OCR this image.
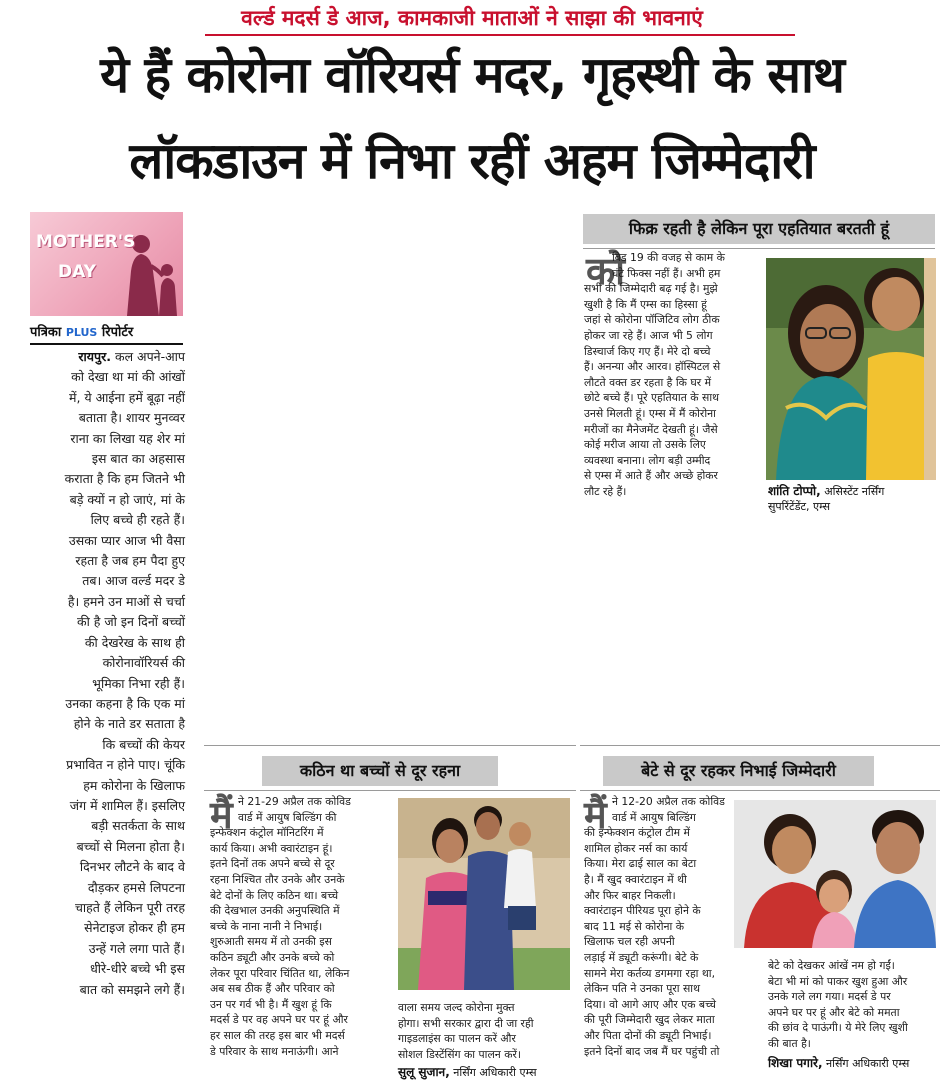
वर्ल्ड मदर्स डे आज, कामकाजी माताओं ने साझा की भावनाएं
ये हैं कोरोना वॉरियर्स मदर, गृहस्थी के साथ
लॉकडाउन में निभा रहीं अहम जिम्मेदारी
MOTHER'S
DAY
पत्रिका PLUS रिपोर्टर
रायपुर. कल अपने-आप
को देखा था मां की आंखों
में, ये आईना हमें बूढ़ा नहीं
बताता है। शायर मुनव्वर
राना का लिखा यह शेर मां
इस बात का अहसास
कराता है कि हम जितने भी
बड़े क्यों न हो जाएं, मां के
लिए बच्चे ही रहते हैं।
उसका प्यार आज भी वैसा
रहता है जब हम पैदा हुए
तब। आज वर्ल्ड मदर डे
है। हमने उन माओं से चर्चा
की है जो इन दिनों बच्चों
की देखरेख के साथ ही
कोरोनावॉरियर्स की
भूमिका निभा रही हैं।
उनका कहना है कि एक मां
होने के नाते डर सताता है
कि बच्चों की केयर
प्रभावित न होने पाए। चूंकि
हम कोरोना के खिलाफ
जंग में शामिल हैं। इसलिए
बड़ी सतर्कता के साथ
बच्चों से मिलना होता है।
दिनभर लौटने के बाद वे
दौड़कर हमसे लिपटना
चाहते हैं लेकिन पूरी तरह
सेनेटाइज होकर ही हम
उन्हें गले लगा पाते हैं।
धीरे-धीरे बच्चे भी इस
बात को समझने लगे हैं।
फिक्र रहती है लेकिन पूरा एहतियात बरतती हूं
को
विड 19 की वजह से काम के
घंटे फिक्स नहीं हैं। अभी हम
सभी की जिम्मेदारी बढ़ गई है। मुझे
खुशी है कि मैं एम्स का हिस्सा हूं
जहां से कोरोना पॉजिटिव लोग ठीक
होकर जा रहे हैं। आज भी 5 लोग
डिस्चार्ज किए गए हैं। मेरे दो बच्चे
हैं। अनन्या और आरव। हॉस्पिटल से
लौटते वक्त डर रहता है कि घर में
छोटे बच्चे हैं। पूरे एहतियात के साथ
उनसे मिलती हूं। एम्स में मैं कोरोना
मरीजों का मैनेजमेंट देखती हूं। जैसे
कोई मरीज आया तो उसके लिए
व्यवस्था बनाना। लोग बड़ी उम्मीद
से एम्स में आते हैं और अच्छे होकर
लौट रहे हैं।	शांति टोप्पो, असिस्टेंट नर्सिंग
सुपरिंटेंडेंट, एम्स
कठिन था बच्चों से दूर रहना
मैं ने 21-29 अप्रैल तक कोविड
वार्ड में आयुष बिल्डिंग की
इन्फेक्शन कंट्रोल मॉनिटरिंग में
कार्य किया। अभी क्वारंटाइन हूं।
इतने दिनों तक अपने बच्चे से दूर
रहना निश्चित तौर उनके और उनके
बेटे दोनों के लिए कठिन था। बच्चे
की देखभाल उनकी अनुपस्थिति में
बच्चे के नाना नानी ने निभाई।
शुरुआती समय में तो उनकी इस
कठिन ड्यूटी और उनके बच्चे को
लेकर पूरा परिवार चिंतित था, लेकिन
अब सब ठीक हैं और परिवार को
उन पर गर्व भी है। मैं खुश हूं कि
मदर्स डे पर वह अपने घर पर हूं और
हर साल की तरह इस बार भी मदर्स
डे परिवार के साथ मनाऊंगी। आने
वाला समय जल्द कोरोना मुक्त
होगा। सभी सरकार द्वारा दी जा रही
गाइडलाइंस का पालन करें और
सोशल डिस्टेंसिंग का पालन करें।
सुलू सुजान, नर्सिंग अधिकारी एम्स
बेटे से दूर रहकर निभाई जिम्मेदारी
मैं ने 12-20 अप्रैल तक कोविड
वार्ड में आयुष बिल्डिंग
की इन्फेक्शन कंट्रोल टीम में
शामिल होकर नर्स का कार्य
किया। मेरा ढाई साल का बेटा
है। मैं खुद क्वारंटाइन में थी
और फिर बाहर निकली।
क्वारंटाइन पीरियड पूरा होने के
बाद 11 मई से कोरोना के
खिलाफ चल रही अपनी
लड़ाई में ड्यूटी करूंगी। बेटे के
सामने मेरा कर्तव्य डगमगा रहा था,
लेकिन पति ने उनका पूरा साथ
दिया। वो आगे आए और एक बच्चे
की पूरी जिम्मेदारी खुद लेकर माता
और पिता दोनों की ड्यूटी निभाई।
इतने दिनों बाद जब मैं घर पहुंची तो
बेटे को देखकर आंखें नम हो गईं।
बेटा भी मां को पाकर खुश हुआ और
उनके गले लग गया। मदर्स डे पर
अपने घर पर हूं और बेटे को ममता
की छांव दे पाऊंगी। ये मेरे लिए खुशी
की बात है।
शिखा पगारे, नर्सिंग अधिकारी एम्स
